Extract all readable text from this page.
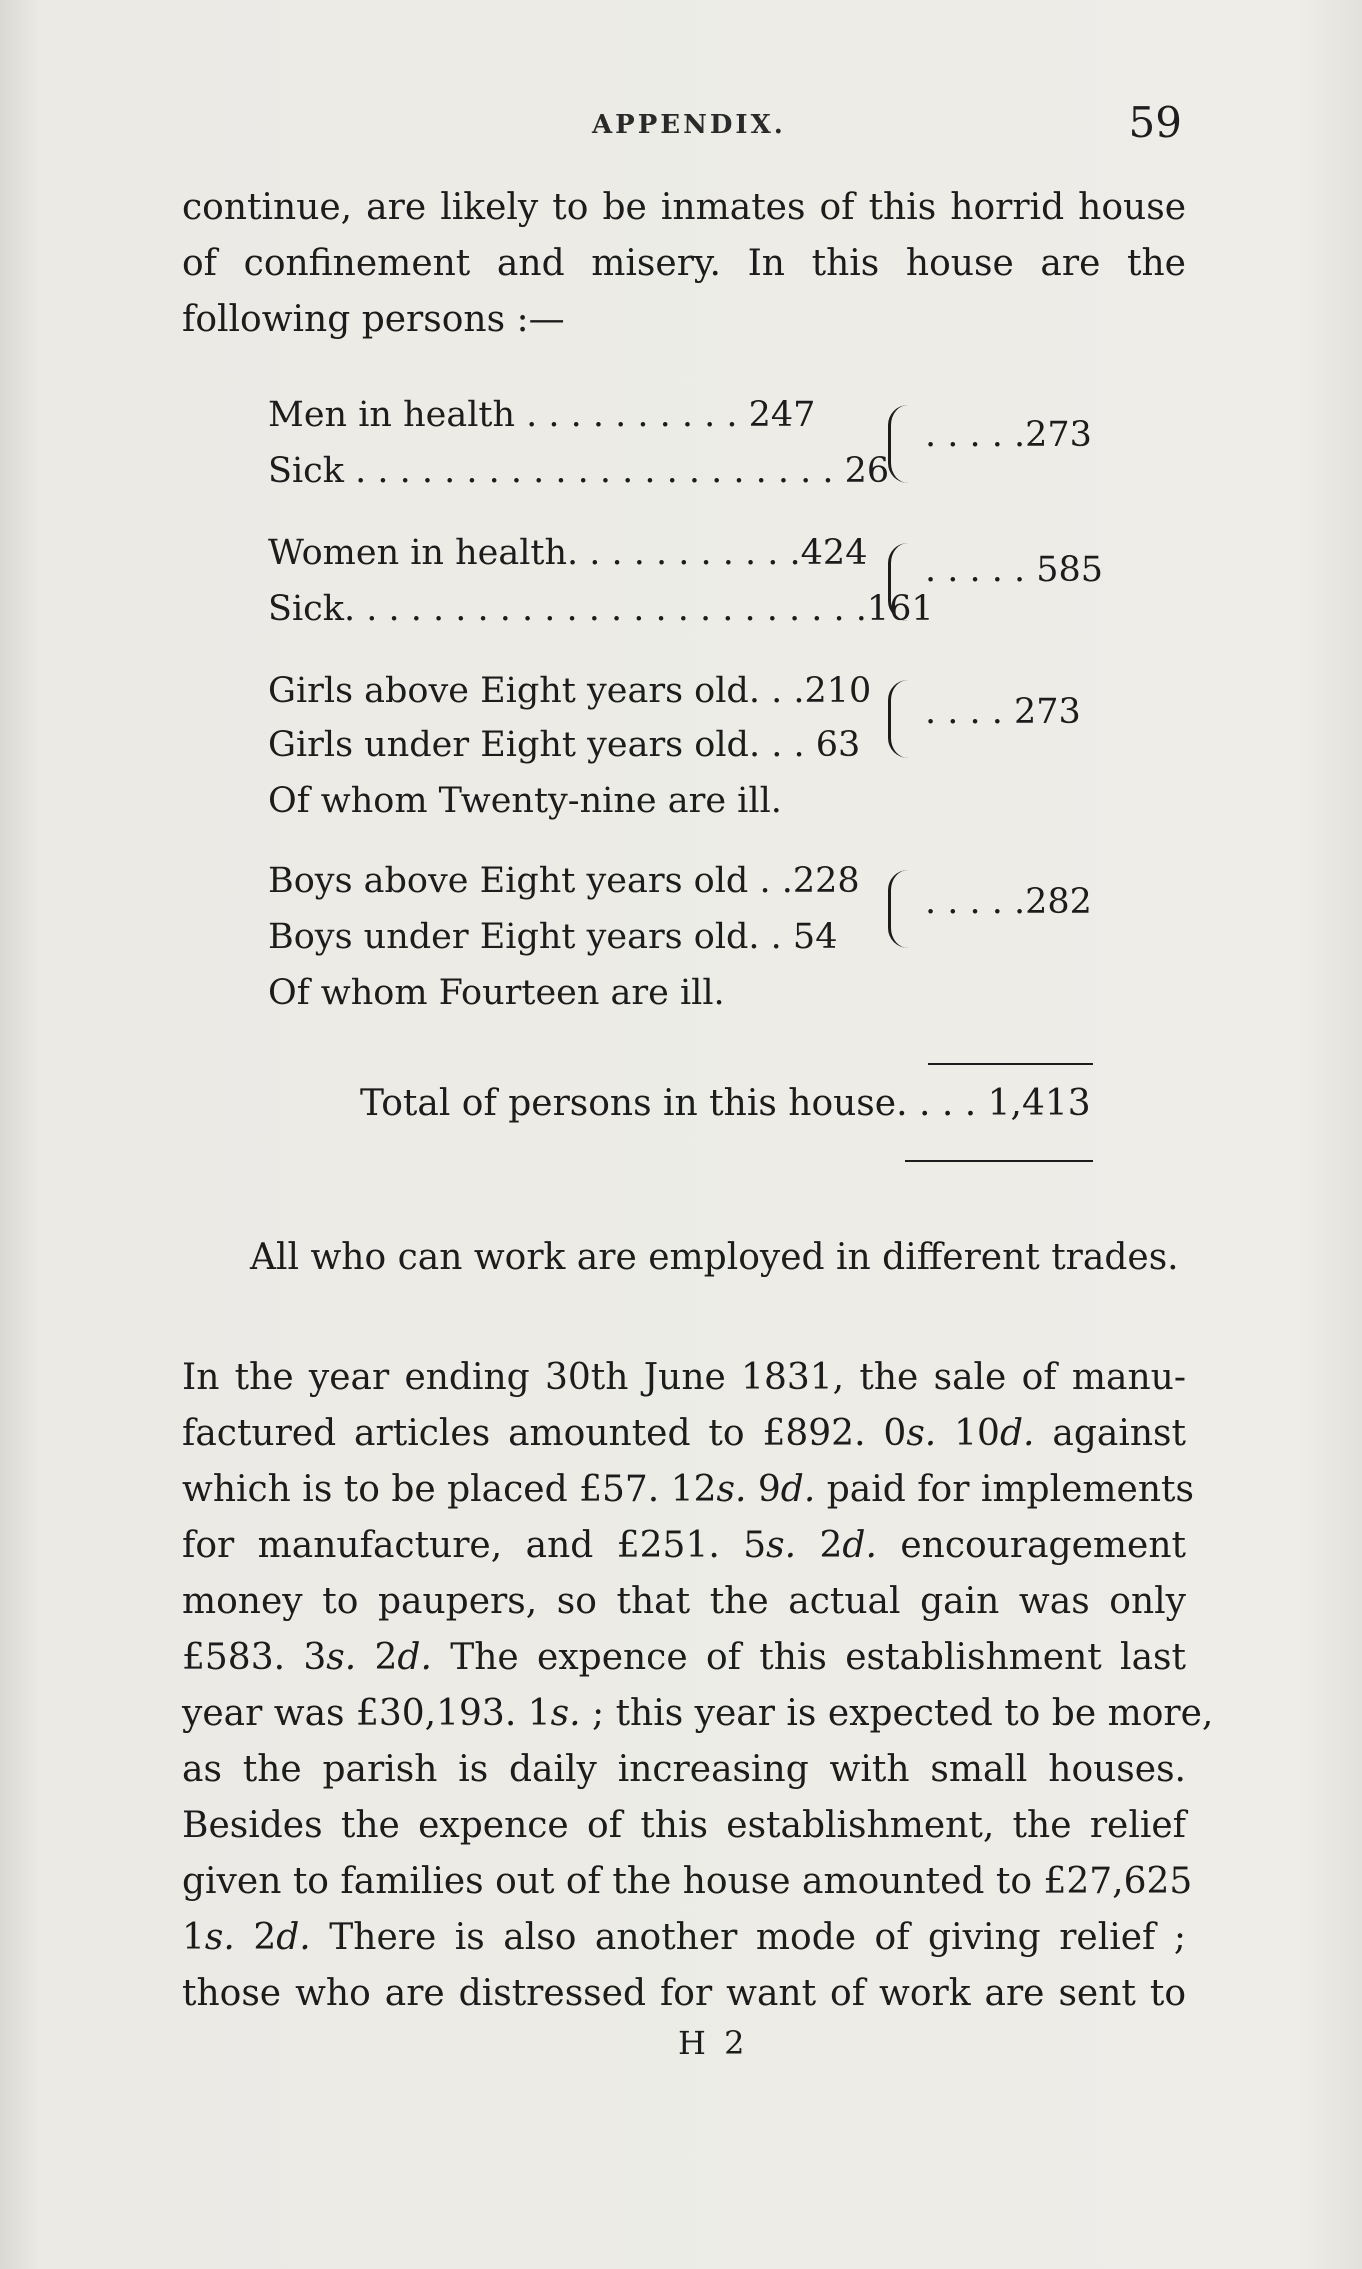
APPENDIX.	59
continue, are likely to be inmates of this horrid house
of confinement and misery. In this house are the
following persons :—
Men in health . . . . . . . . . . 247
Sick . . . . . . . . . . . . . . . . . . . . . . 26
. . . . .273
Women in health. . . . . . . . . . .424
Sick. . . . . . . . . . . . . . . . . . . . . . . .161
. . . . . 585
Girls above Eight years old. . .210
Girls under Eight years old. . . 63
. . . . 273
Of whom Twenty-nine are ill.
Boys above Eight years old . .228
Boys under Eight years old. . 54
. . . . .282
Of whom Fourteen are ill.
Total of persons in this house. . . . 1,413
All who can work are employed in different trades.
In the year ending 30th June 1831, the sale of manu-
factured articles amounted to £892. 0s. 10d. against
which is to be placed £57. 12s. 9d. paid for implements
for manufacture, and £251. 5s. 2d. encouragement
money to paupers, so that the actual gain was only
£583. 3s. 2d. The expence of this establishment last
year was £30,193. 1s. ; this year is expected to be more,
as the parish is daily increasing with small houses.
Besides the expence of this establishment, the relief
given to families out of the house amounted to £27,625
1s. 2d. There is also another mode of giving relief ;
those who are distressed for want of work are sent to
H 2
